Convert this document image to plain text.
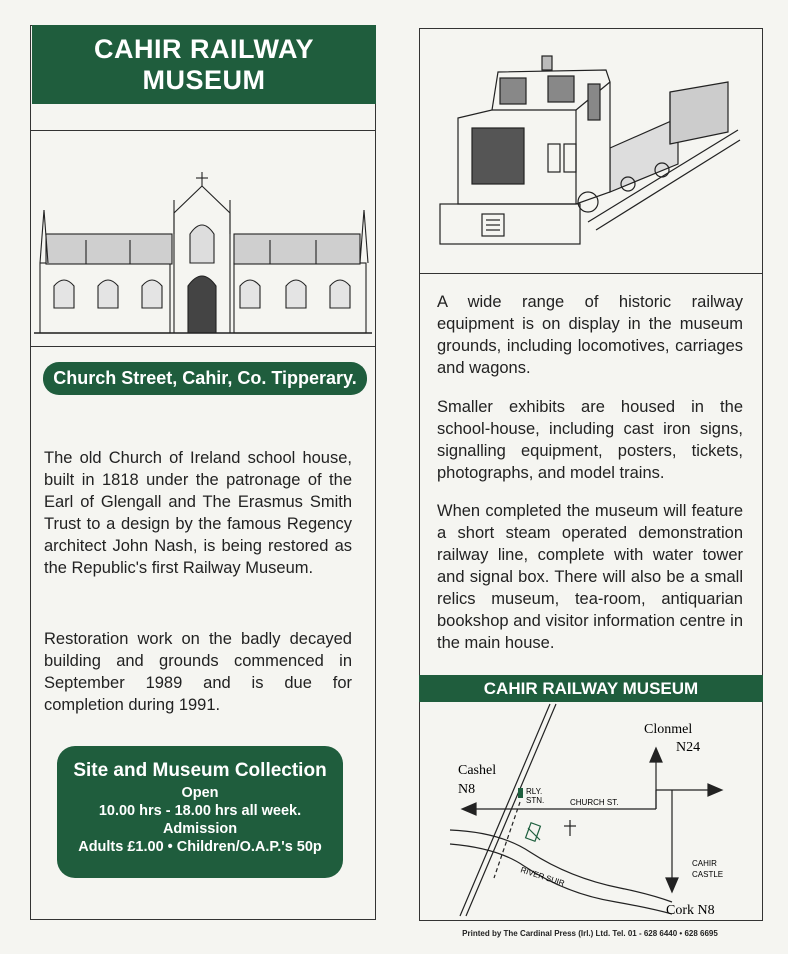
CAHIR RAILWAY
MUSEUM
Church Street, Cahir, Co. Tipperary.

The old Church of Ireland school house, built in 1818 under the patronage of the Earl of Glengall and The Erasmus Smith Trust to a design by the famous Regency architect John Nash, is being restored as the Republic's first Railway Museum.

Restoration work on the badly decayed building and grounds commenced in September 1989 and is due for completion during 1991.

Site and Museum Collection
Open
10.00 hrs - 18.00 hrs all week.
Admission
Adults £1.00 • Children/O.A.P.'s 50p

A wide range of historic railway equipment is on display in the museum grounds, including locomotives, carriages and wagons.

Smaller exhibits are housed in the school-house, including cast iron signs, signalling equipment, posters, tickets, photographs, and model trains.

When completed the museum will feature a short steam operated demonstration railway line, complete with water tower and signal box. There will also be a small relics museum, tea-room, antiquarian bookshop and visitor information centre in the main house.

CAHIR RAILWAY MUSEUM
Clonmel
N24
Cashel
N8	RLY.
STN.	CHURCH ST.
RIVER SUIR
CAHIR
CASTLE
Cork N8
Printed by The Cardinal Press (Irl.) Ltd. Tel. 01 - 628 6440 • 628 6695
